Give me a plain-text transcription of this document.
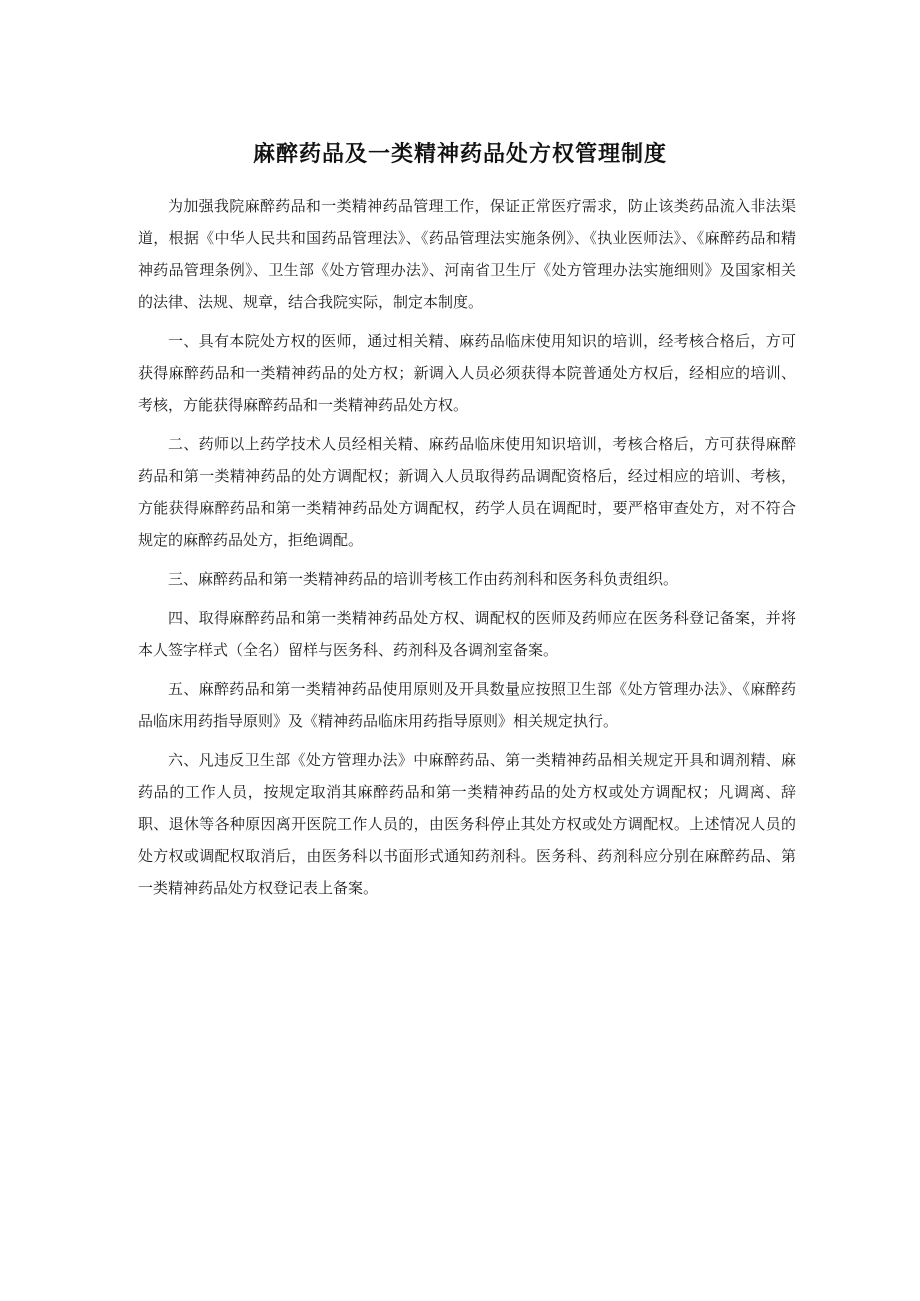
麻醉药品及一类精神药品处方权管理制度

为加强我院麻醉药品和一类精神药品管理工作，保证正常医疗需求，防止该类药品流入非法渠道，根据《中华人民共和国药品管理法》、《药品管理法实施条例》、《执业医师法》、《麻醉药品和精神药品管理条例》、卫生部《处方管理办法》、河南省卫生厅《处方管理办法实施细则》及国家相关的法律、法规、规章，结合我院实际，制定本制度。

一、具有本院处方权的医师，通过相关精、麻药品临床使用知识的培训，经考核合格后，方可获得麻醉药品和一类精神药品的处方权；新调入人员必须获得本院普通处方权后，经相应的培训、考核，方能获得麻醉药品和一类精神药品处方权。

二、药师以上药学技术人员经相关精、麻药品临床使用知识培训，考核合格后，方可获得麻醉药品和第一类精神药品的处方调配权；新调入人员取得药品调配资格后，经过相应的培训、考核，方能获得麻醉药品和第一类精神药品处方调配权，药学人员在调配时，要严格审查处方，对不符合规定的麻醉药品处方，拒绝调配。

三、麻醉药品和第一类精神药品的培训考核工作由药剂科和医务科负责组织。

四、取得麻醉药品和第一类精神药品处方权、调配权的医师及药师应在医务科登记备案，并将本人签字样式（全名）留样与医务科、药剂科及各调剂室备案。

五、麻醉药品和第一类精神药品使用原则及开具数量应按照卫生部《处方管理办法》、《麻醉药品临床用药指导原则》及《精神药品临床用药指导原则》相关规定执行。

六、凡违反卫生部《处方管理办法》中麻醉药品、第一类精神药品相关规定开具和调剂精、麻药品的工作人员，按规定取消其麻醉药品和第一类精神药品的处方权或处方调配权；凡调离、辞职、退休等各种原因离开医院工作人员的，由医务科停止其处方权或处方调配权。上述情况人员的处方权或调配权取消后，由医务科以书面形式通知药剂科。医务科、药剂科应分别在麻醉药品、第一类精神药品处方权登记表上备案。
